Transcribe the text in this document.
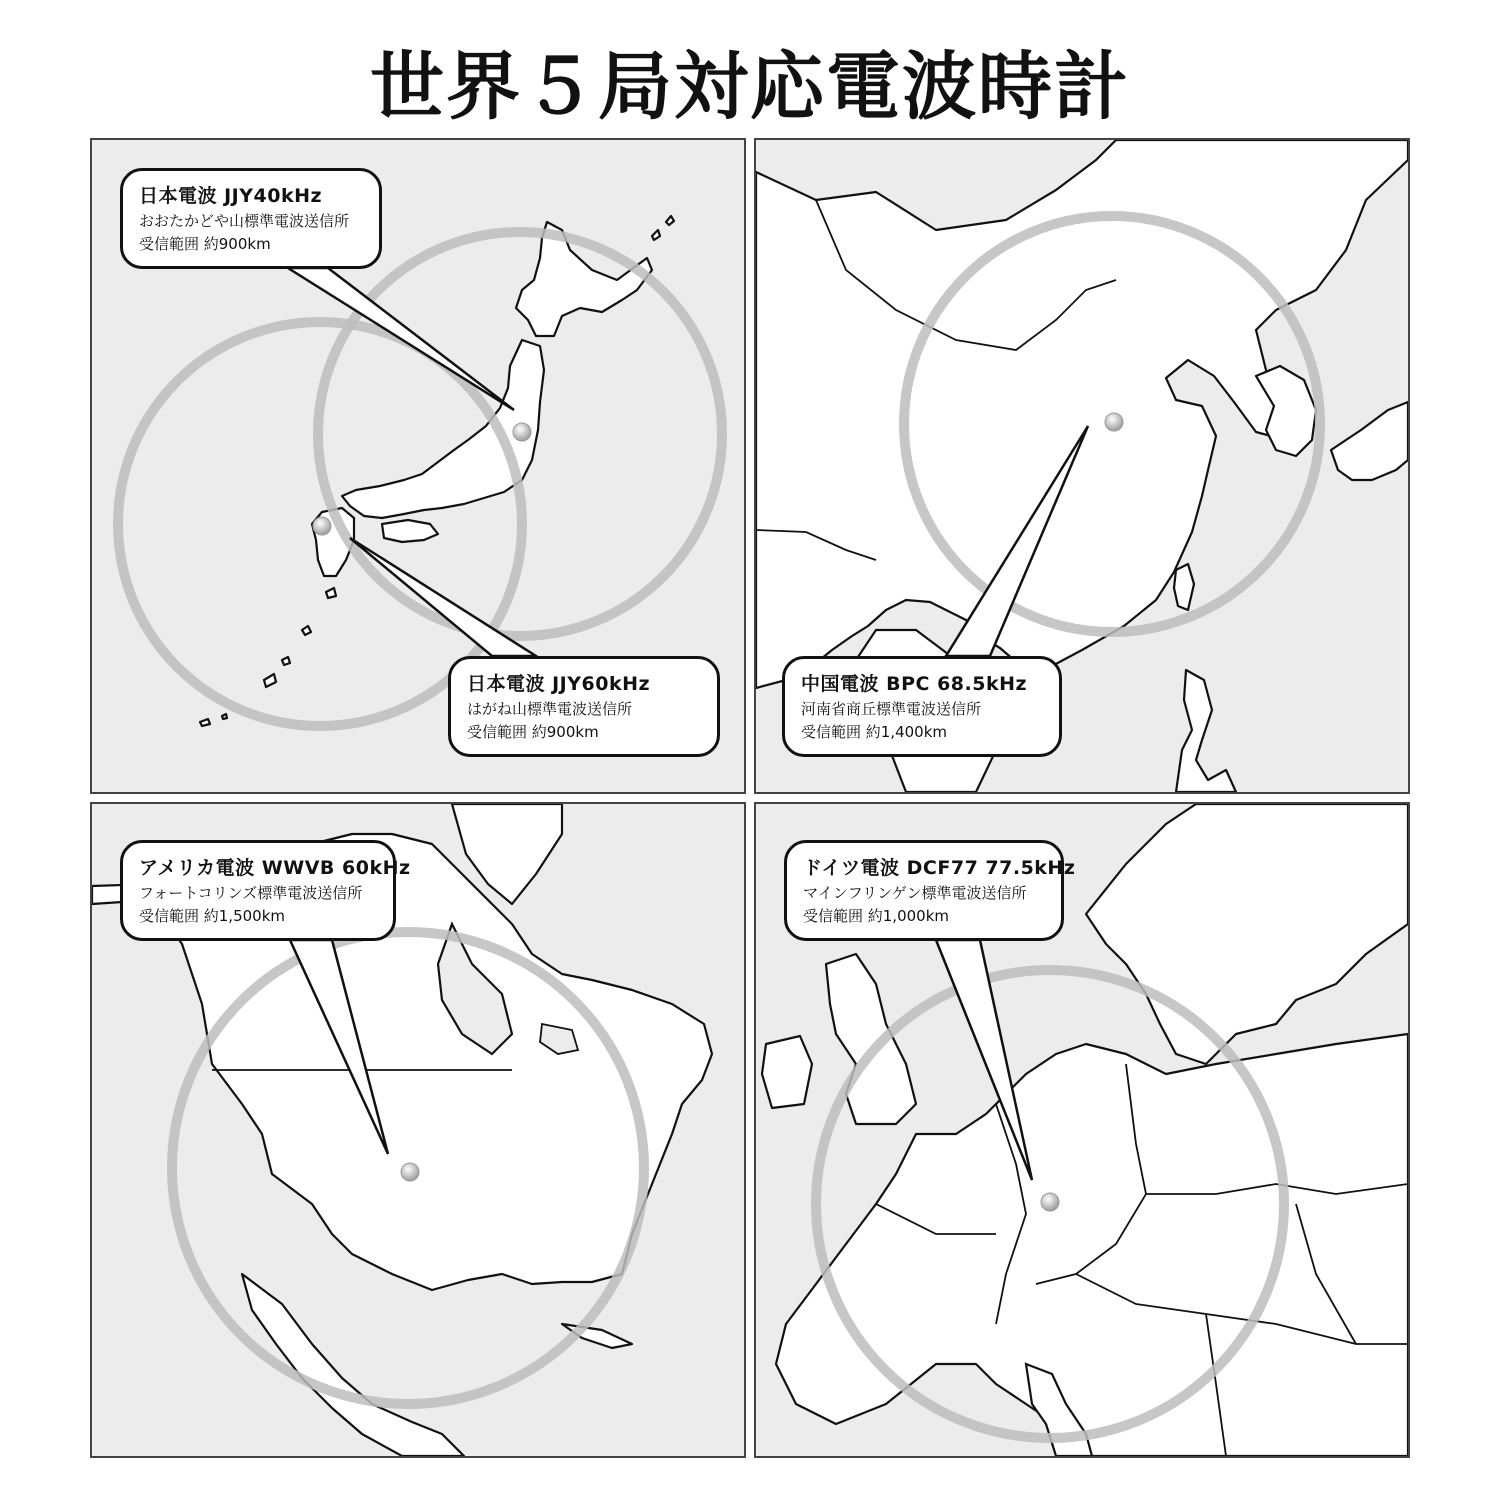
世界５局対応電波時計
日本電波 JJY40kHz
おおたかどや山標準電波送信所
受信範囲 約900km
日本電波 JJY60kHz
はがね山標準電波送信所
受信範囲 約900km
中国電波 BPC 68.5kHz
河南省商丘標準電波送信所
受信範囲 約1,400km
アメリカ電波 WWVB 60kHz
フォートコリンズ標準電波送信所
受信範囲 約1,500km
ドイツ電波 DCF77 77.5kHz
マインフリンゲン標準電波送信所
受信範囲 約1,000km
